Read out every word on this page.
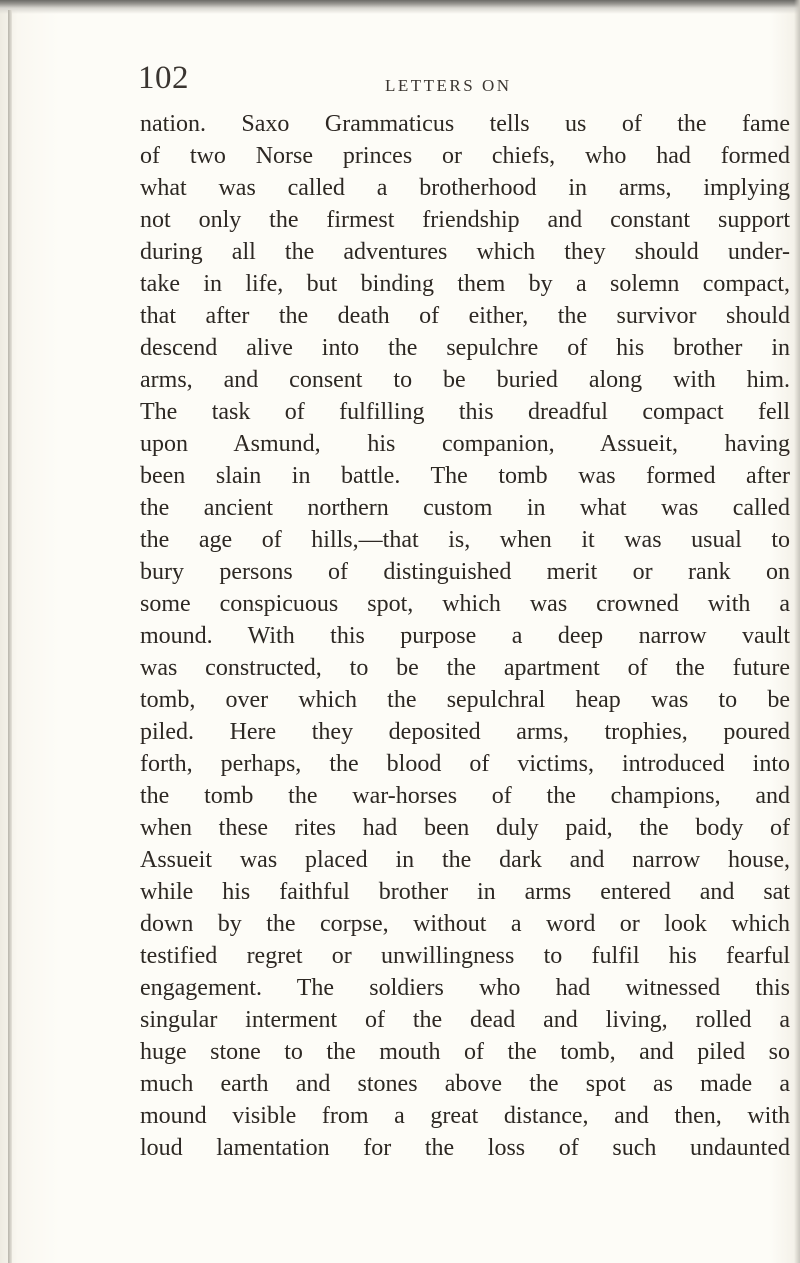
102	LETTERS ON
nation. Saxo Grammaticus tells us of the fame
of two Norse princes or chiefs, who had formed
what was called a brotherhood in arms, implying
not only the firmest friendship and constant support
during all the adventures which they should under-
take in life, but binding them by a solemn compact,
that after the death of either, the survivor should
descend alive into the sepulchre of his brother in
arms, and consent to be buried along with him.
The task of fulfilling this dreadful compact fell
upon Asmund, his companion, Assueit, having
been slain in battle. The tomb was formed after
the ancient northern custom in what was called
the age of hills,—that is, when it was usual to
bury persons of distinguished merit or rank on
some conspicuous spot, which was crowned with a
mound. With this purpose a deep narrow vault
was constructed, to be the apartment of the future
tomb, over which the sepulchral heap was to be
piled. Here they deposited arms, trophies, poured
forth, perhaps, the blood of victims, introduced into
the tomb the war-horses of the champions, and
when these rites had been duly paid, the body of
Assueit was placed in the dark and narrow house,
while his faithful brother in arms entered and sat
down by the corpse, without a word or look which
testified regret or unwillingness to fulfil his fearful
engagement. The soldiers who had witnessed this
singular interment of the dead and living, rolled a
huge stone to the mouth of the tomb, and piled so
much earth and stones above the spot as made a
mound visible from a great distance, and then, with
loud lamentation for the loss of such undaunted
